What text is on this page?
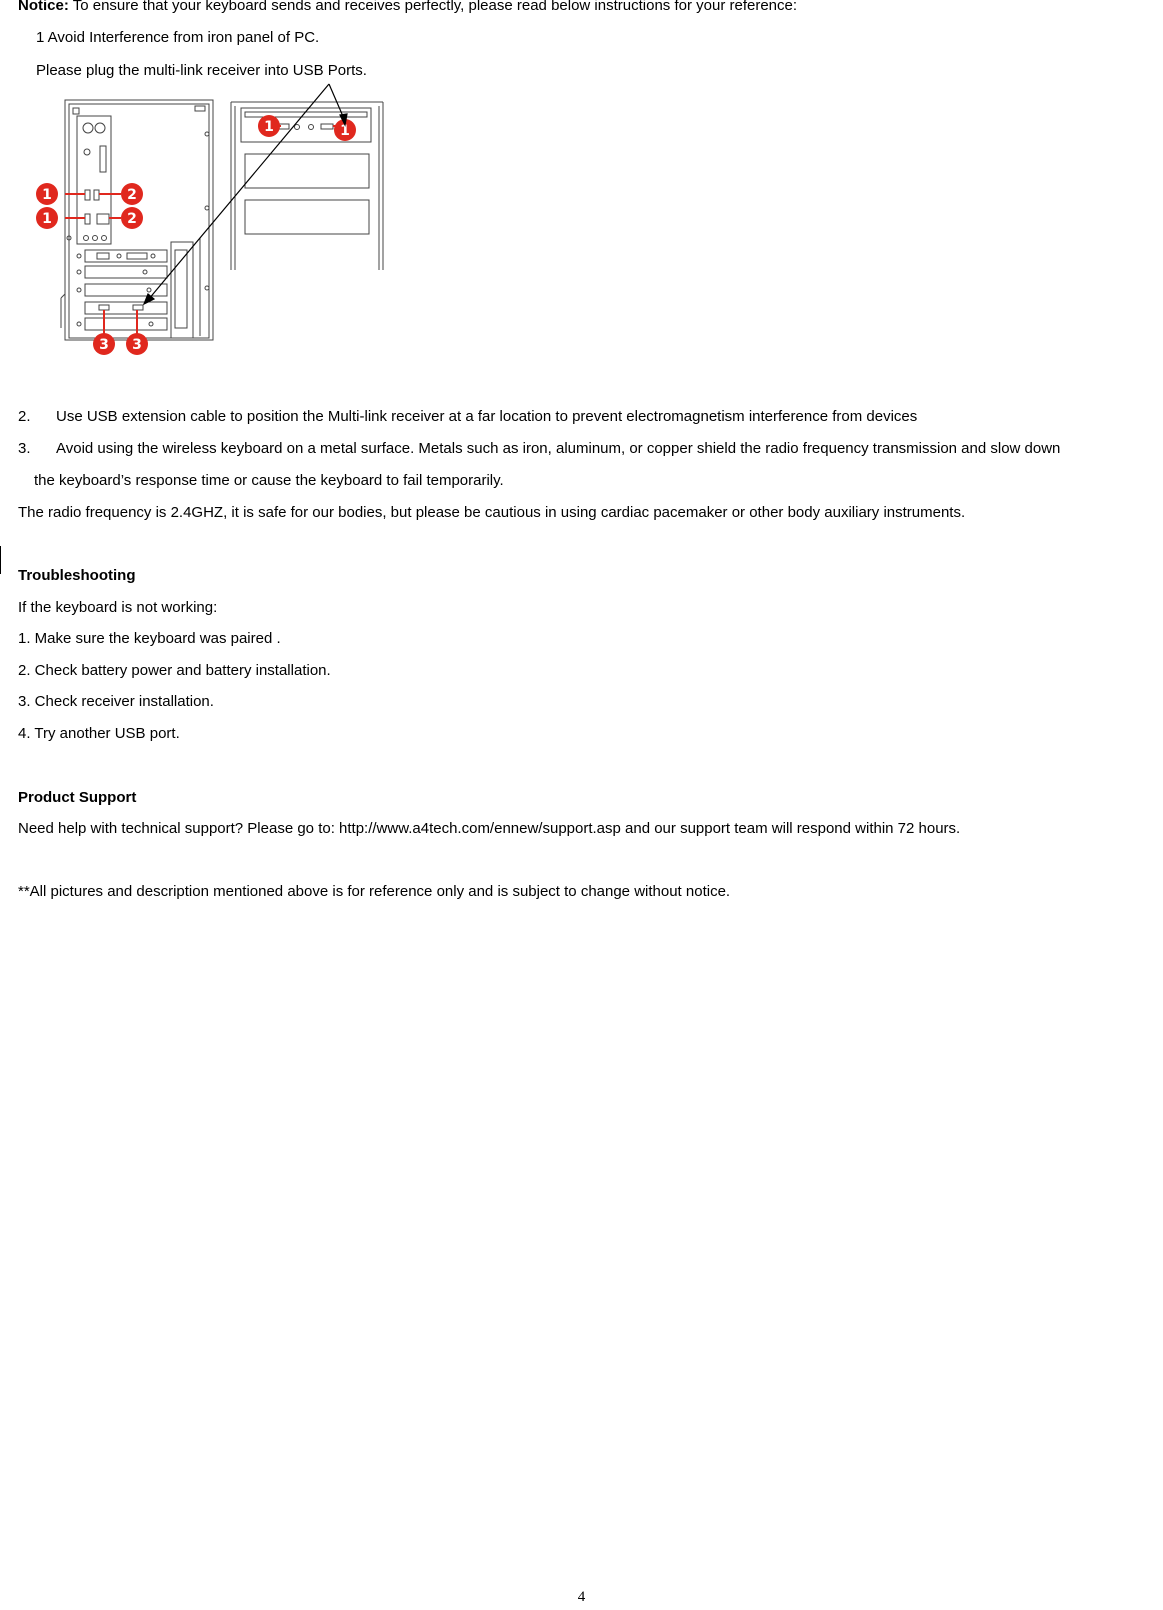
Notice: To ensure that your keyboard sends and receives perfectly, please read below instructions for your reference:
1 Avoid Interference from iron panel of PC.
Please plug the multi-link receiver into USB Ports.
1
1
2
2
3 3
1	1
2. Use USB extension cable to position the Multi-link receiver at a far location to prevent electromagnetism interference from devices
3. Avoid using the wireless keyboard on a metal surface. Metals such as iron, aluminum, or copper shield the radio frequency transmission and slow down
the keyboard’s response time or cause the keyboard to fail temporarily.
The radio frequency is 2.4GHZ, it is safe for our bodies, but please be cautious in using cardiac pacemaker or other body auxiliary instruments.
Troubleshooting
If the keyboard is not working:
1. Make sure the keyboard was paired .
2. Check battery power and battery installation.
3. Check receiver installation.
4. Try another USB port.
Product Support
Need help with technical support? Please go to: http://www.a4tech.com/ennew/support.asp and our support team will respond within 72 hours.
**All pictures and description mentioned above is for reference only and is subject to change without notice.
4
